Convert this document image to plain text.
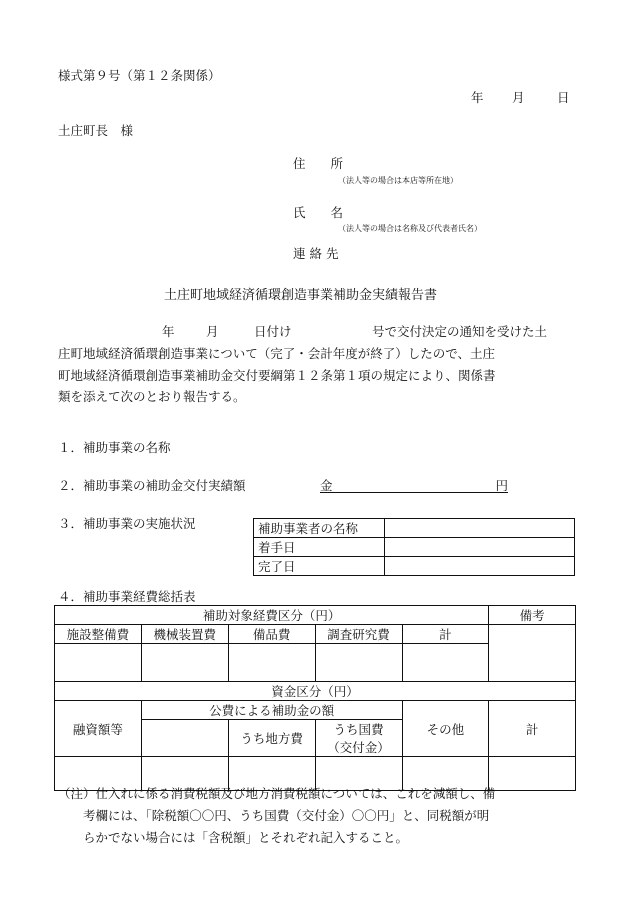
様式第９号（第１２条関係）
年 月	日
土庄町長　様
住　　所
（法人等の場合は本店等所在地）
氏　　名
（法人等の場合は名称及び代表者氏名）
連 絡 先
土庄町地域経済循環創造事業補助金実績報告書
年	月	日付け	号で交付決定の通知を受けた土
庄町地域経済循環創造事業について（完了・会計年度が終了）したので、土庄
町地域経済循環創造事業補助金交付要綱第１２条第１項の規定により、関係書
類を添えて次のとおり報告する。
１．補助事業の名称
２．補助事業の補助金交付実績額	金	円
３．補助事業の実施状況	補助事業者の名称	
着手日	
完了日	
４．補助事業経費総括表
補助対象経費区分（円）					備考
施設整備費	機械装置費	備品費	調査研究費	計	

資金区分（円）					
融資額等	公費による補助金の額			その他	計
		うち地方費	うち国費
（交付金）		

（注）仕入れに係る消費税額及び地方消費税額については、これを減額し、備
考欄には、「除税額〇〇円、うち国費（交付金）〇〇円」と、同税額が明
らかでない場合には「含税額」とそれぞれ記入すること。
